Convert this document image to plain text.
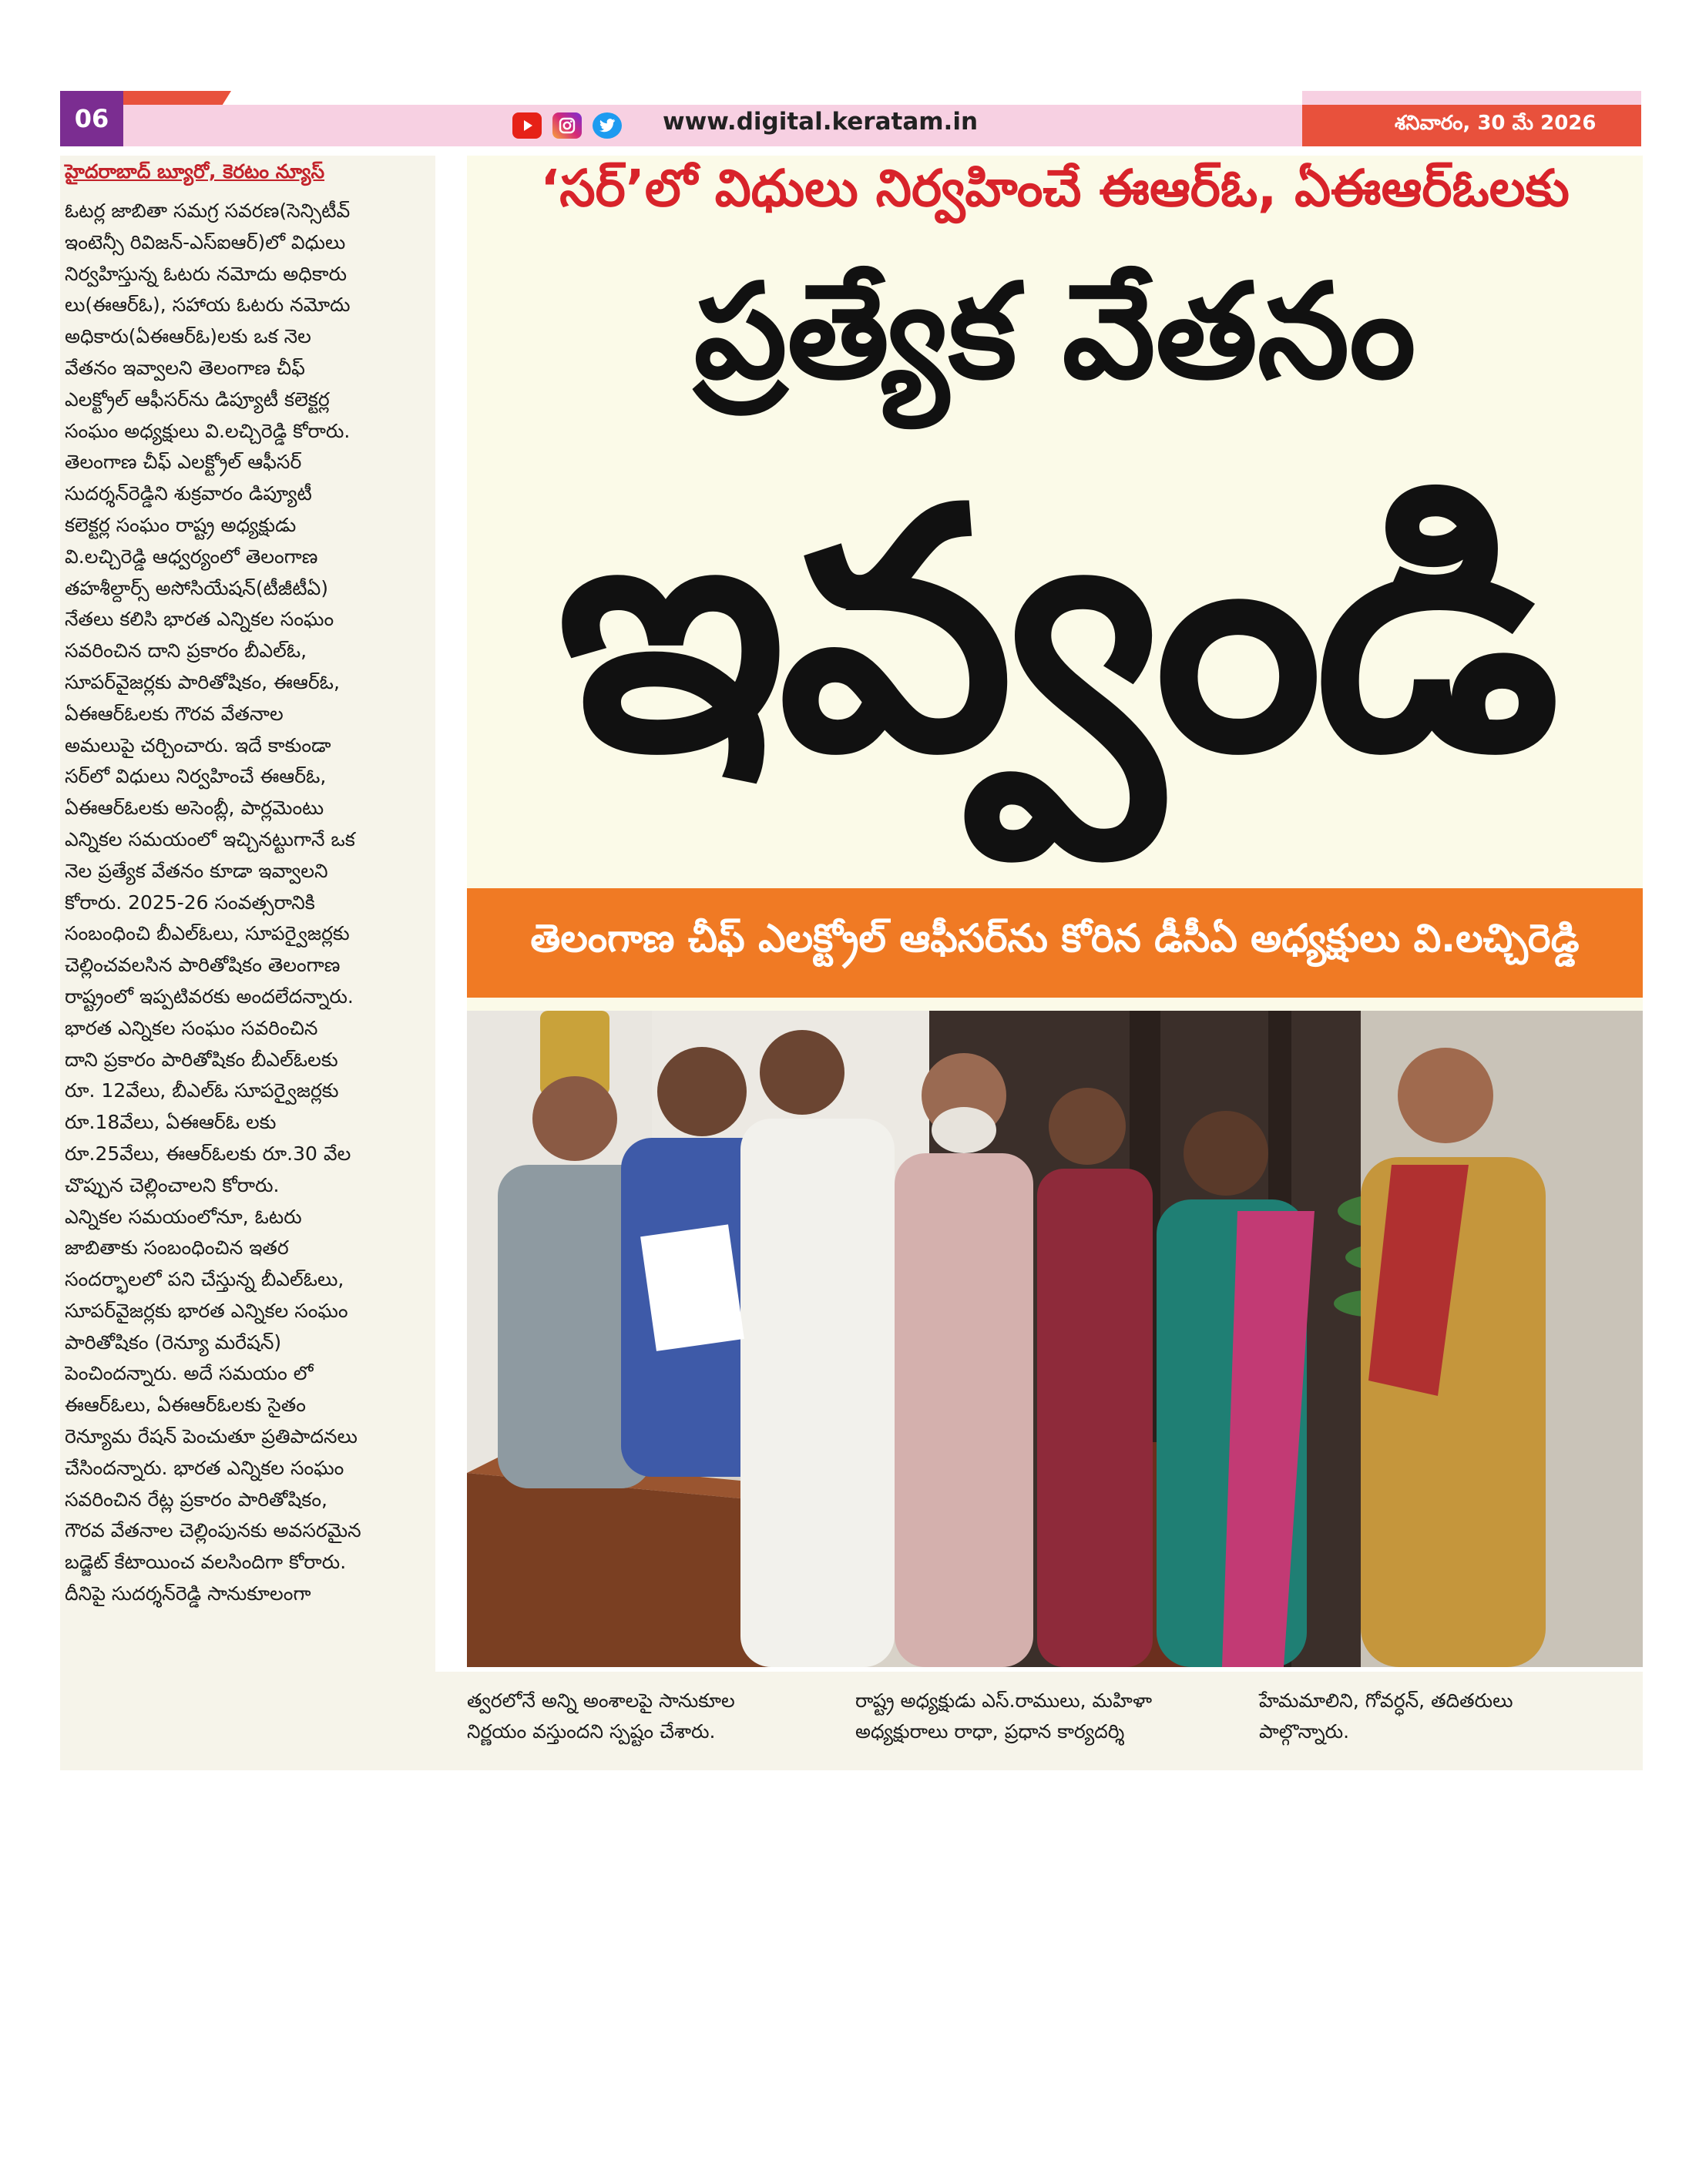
06	శనివారం, 30 మే 2026
www.digital.keratam.in
హైదరాబాద్ బ్యూరో, కెరటం న్యూస్
ఓటర్ల జాబితా సమగ్ర సవరణ(సెన్సిటీవ్
ఇంటెన్సీ రివిజన్-ఎస్ఐఆర్)లో విధులు
నిర్వహిస్తున్న ఓటరు నమోదు అధికారు
లు(ఈఆర్ఓ), సహాయ ఓటరు నమోదు
అధికారు(ఏఈఆర్ఓ)లకు ఒక నెల
వేతనం ఇవ్వాలని తెలంగాణ చీఫ్
ఎలక్ట్రోల్ ఆఫీసర్‌ను డిప్యూటీ కలెక్టర్ల
సంఘం అధ్యక్షులు వి.లచ్చిరెడ్డి కోరారు.
తెలంగాణ చీఫ్ ఎలక్ట్రోల్ ఆఫీసర్
సుదర్శన్‌రెడ్డిని శుక్రవారం డిప్యూటీ
కలెక్టర్ల సంఘం రాష్ట్ర అధ్యక్షుడు
వి.లచ్చిరెడ్డి ఆధ్వర్యంలో తెలంగాణ
తహశీల్దార్స్ అసోసియేషన్(టీజీటీఏ)
నేతలు కలిసి భారత ఎన్నికల సంఘం
సవరించిన దాని ప్రకారం బీఎల్ఓ,
సూపర్‌వైజర్లకు పారితోషికం, ఈఆర్ఓ,
ఏఈఆర్ఓలకు గౌరవ వేతనాల
అమలుపై చర్చించారు. ఇదే కాకుండా
సర్‌లో విధులు నిర్వహించే ఈఆర్ఓ,
ఏఈఆర్ఓలకు అసెంబ్లీ, పార్లమెంటు
ఎన్నికల సమయంలో ఇచ్చినట్టుగానే ఒక
నెల ప్రత్యేక వేతనం కూడా ఇవ్వాలని
కోరారు. 2025-26 సంవత్సరానికి
సంబంధించి బీఎల్ఓలు, సూపర్వైజర్లకు
చెల్లించవలసిన పారితోషికం తెలంగాణ
రాష్ట్రంలో ఇప్పటివరకు అందలేదన్నారు.
భారత ఎన్నికల సంఘం సవరించిన
దాని ప్రకారం పారితోషికం బీఎల్ఓలకు
రూ. 12వేలు, బీఎల్ఓ సూపర్వైజర్లకు
రూ.18వేలు, ఏఈఆర్ఓ లకు
రూ.25వేలు, ఈఆర్ఓలకు రూ.30 వేల
చొప్పున చెల్లించాలని కోరారు.
ఎన్నికల సమయంలోనూ, ఓటరు
జాబితాకు సంబంధించిన ఇతర
సందర్భాలలో పని చేస్తున్న బీఎల్ఓలు,
సూపర్‌వైజర్లకు భారత ఎన్నికల సంఘం
పారితోషికం (రెన్యూ మరేషన్)
పెంచిందన్నారు. అదే సమయం లో
ఈఆర్ఓలు, ఏఈఆర్ఓలకు సైతం
రెన్యూమ రేషన్ పెంచుతూ ప్రతిపాదనలు
చేసిందన్నారు. భారత ఎన్నికల సంఘం
సవరించిన రేట్ల ప్రకారం పారితోషికం,
గౌరవ వేతనాల చెల్లింపునకు అవసరమైన
బడ్జెట్ కేటాయించ వలసిందిగా కోరారు.
దీనిపై సుదర్శన్‌రెడ్డి సానుకూలంగా
‘సర్’లో విధులు నిర్వహించే ఈఆర్‌ఓ, ఏఈఆర్‌ఓలకు
ప్రత్యేక వేతనం
ఇవ్వండి
తెలంగాణ చీఫ్ ఎలక్ట్రోల్ ఆఫీసర్‌ను కోరిన డీసీఏ అధ్యక్షులు వి.లచ్చిరెడ్డి
త్వరలోనే అన్ని అంశాలపై సానుకూల
నిర్ణయం వస్తుందని స్పష్టం చేశారు.
రాష్ట్ర అధ్యక్షుడు ఎస్.రాములు, మహిళా
అధ్యక్షురాలు రాధా, ప్రధాన కార్యదర్శి
హేమమాలిని, గోవర్ధన్, తదితరులు
పాల్గొన్నారు.
